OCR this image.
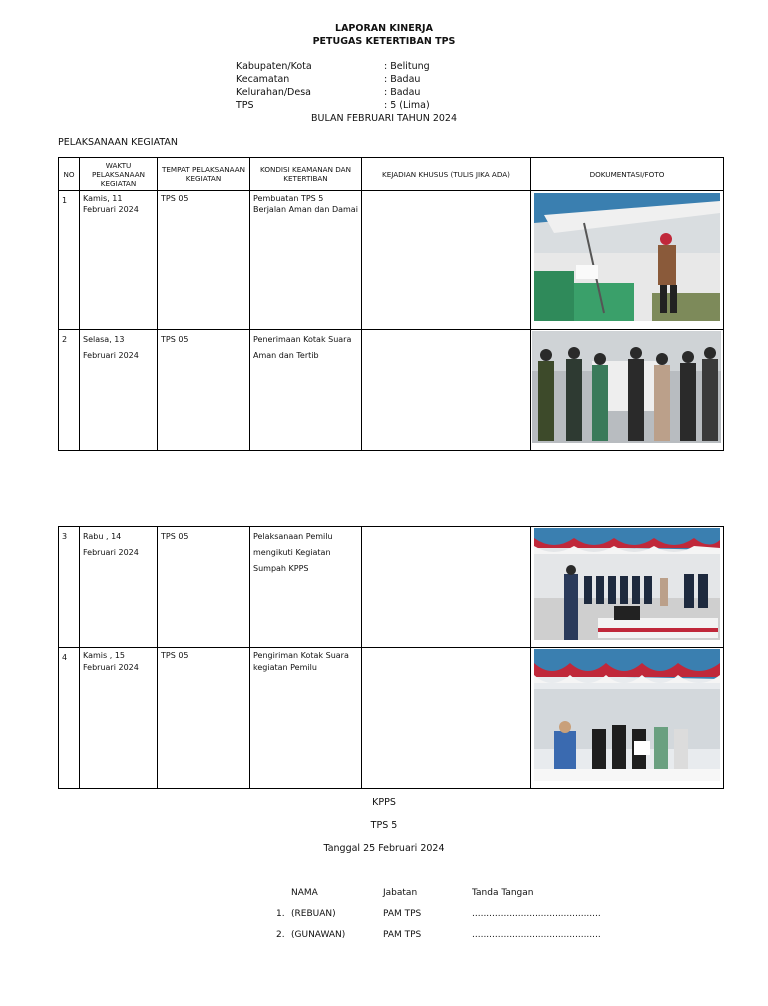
LAPORAN KINERJA
PETUGAS KETERTIBAN TPS
Kabupaten/Kota	: Belitung
Kecamatan	: Badau
Kelurahan/Desa	: Badau
TPS	: 5 (Lima)
BULAN FEBRUARI TAHUN 2024
PELAKSANAAN KEGIATAN
NO	WAKTU PELAKSANAAN KEGIATAN	TEMPAT PELAKSANAAN KEGIATAN	KONDISI KEAMANAN DAN KETERTIBAN	KEJADIAN KHUSUS (TULIS JIKA ADA)	DOKUMENTASI/FOTO
1	Kamis, 11 Februari 2024	TPS 05	Pembuatan TPS 5 Berjalan Aman dan Damai		
2	Selasa, 13 Februari 2024	TPS 05	Penerimaan Kotak Suara Aman dan Tertib		
3	Rabu , 14 Februari 2024	TPS 05	Pelaksanaan Pemilu mengikuti Kegiatan Sumpah KPPS		
4	Kamis , 15 Februari 2024	TPS 05	Pengiriman Kotak Suara kegiatan Pemilu		
KPPS
TPS 5
Tanggal 25 Februari 2024
NAMA	Jabatan	Tanda Tangan
1. (REBUAN)	PAM TPS	.............................................
2. (GUNAWAN)	PAM TPS	.............................................
